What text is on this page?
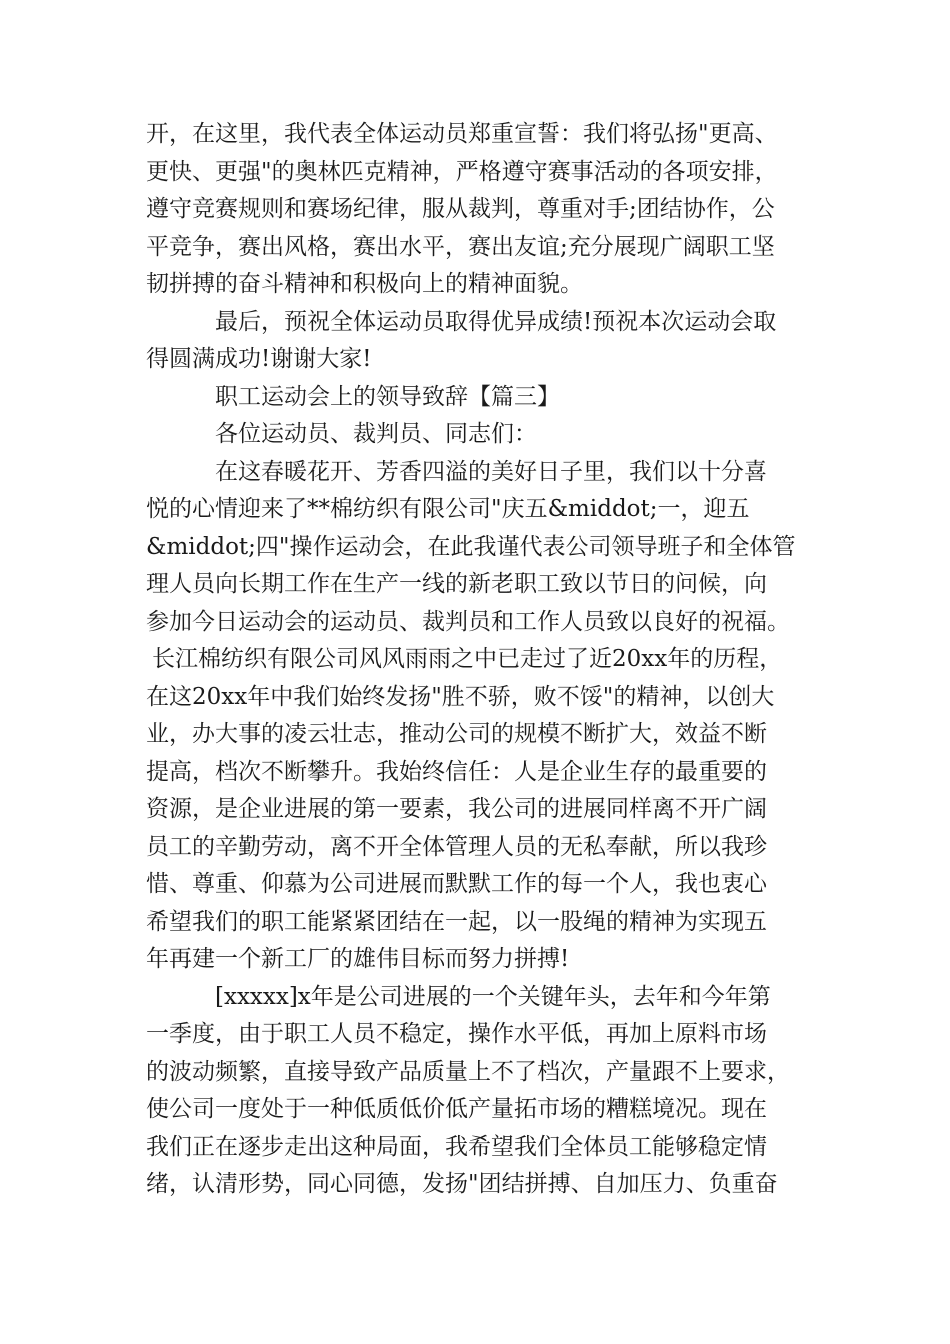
开，在这里，我代表全体运动员郑重宣誓：我们将弘扬"更高、
更快、更强"的奥林匹克精神，严格遵守赛事活动的各项安排，
遵守竞赛规则和赛场纪律，服从裁判，尊重对手;团结协作，公
平竞争，赛出风格，赛出水平，赛出友谊;充分展现广阔职工坚
韧拼搏的奋斗精神和积极向上的精神面貌。
最后，预祝全体运动员取得优异成绩!预祝本次运动会取
得圆满成功!谢谢大家!
职工运动会上的领导致辞【篇三】
各位运动员、裁判员、同志们：
在这春暖花开、芳香四溢的美好日子里，我们以十分喜
悦的心情迎来了**棉纺织有限公司"庆五&middot;一，迎五
&middot;四"操作运动会，在此我谨代表公司领导班子和全体管
理人员向长期工作在生产一线的新老职工致以节日的问候，向
参加今日运动会的运动员、裁判员和工作人员致以良好的祝福。
长江棉纺织有限公司风风雨雨之中已走过了近20xx年的历程，
在这20xx年中我们始终发扬"胜不骄，败不馁"的精神，以创大
业，办大事的凌云壮志，推动公司的规模不断扩大，效益不断
提高，档次不断攀升。我始终信任：人是企业生存的最重要的
资源，是企业进展的第一要素，我公司的进展同样离不开广阔
员工的辛勤劳动，离不开全体管理人员的无私奉献，所以我珍
惜、尊重、仰慕为公司进展而默默工作的每一个人，我也衷心
希望我们的职工能紧紧团结在一起，以一股绳的精神为实现五
年再建一个新工厂的雄伟目标而努力拼搏!
[xxxxx]x年是公司进展的一个关键年头，去年和今年第
一季度，由于职工人员不稳定，操作水平低，再加上原料市场
的波动频繁，直接导致产品质量上不了档次，产量跟不上要求，
使公司一度处于一种低质低价低产量拓市场的糟糕境况。现在
我们正在逐步走出这种局面，我希望我们全体员工能够稳定情
绪，认清形势，同心同德，发扬"团结拼搏、自加压力、负重奋
